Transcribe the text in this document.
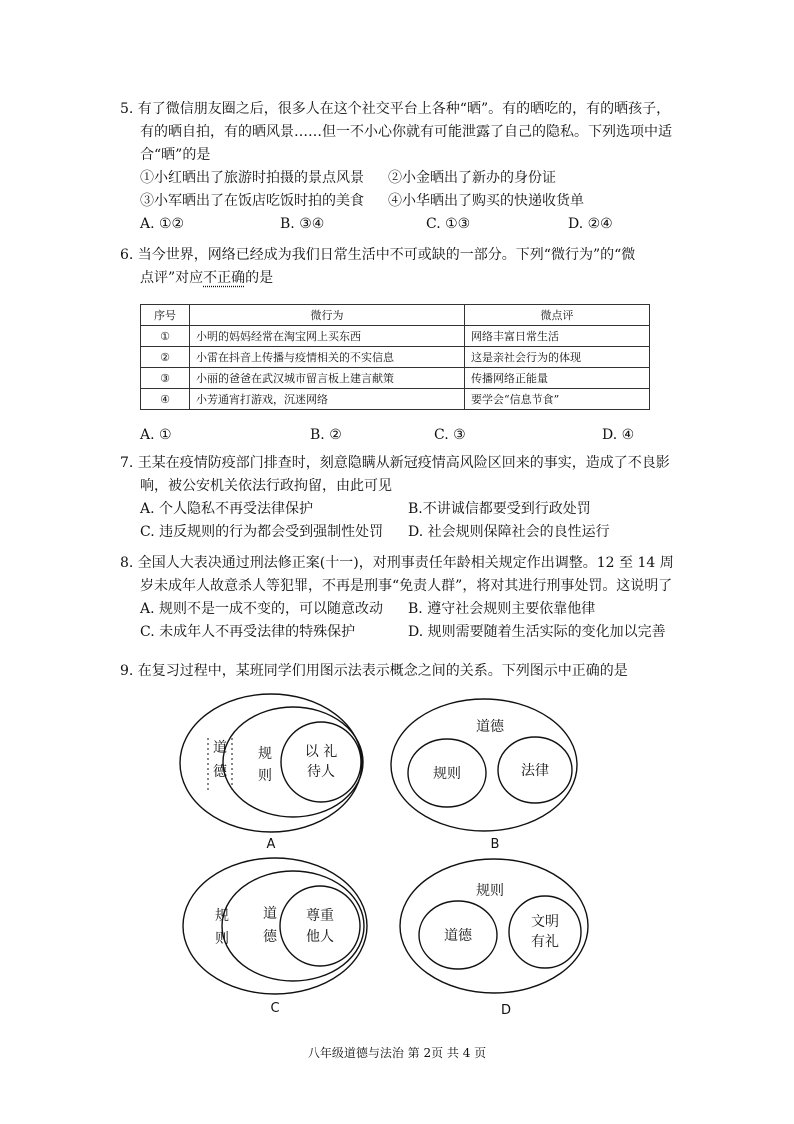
5. 有了微信朋友圈之后，很多人在这个社交平台上各种“晒”。有的晒吃的，有的晒孩子，
有的晒自拍，有的晒风景……但一不小心你就有可能泄露了自己的隐私。下列选项中适
合“晒”的是
①小红晒出了旅游时拍摄的景点风景	②小金晒出了新办的身份证
③小军晒出了在饭店吃饭时拍的美食	④小华晒出了购买的快递收货单
A. ①②	B. ③④	C. ①③	D. ②④
6. 当今世界，网络已经成为我们日常生活中不可或缺的一部分。下列“微行为”的“微
点评”对应不正确的是
序号	微行为	微点评
①	小明的妈妈经常在淘宝网上买东西	网络丰富日常生活
②	小雷在抖音上传播与疫情相关的不实信息	这是亲社会行为的体现
③	小丽的爸爸在武汉城市留言板上建言献策	传播网络正能量
④	小芳通宵打游戏，沉迷网络	要学会“信息节食”
A. ①	B. ②	C. ③	D. ④
7. 王某在疫情防疫部门排查时，刻意隐瞒从新冠疫情高风险区回来的事实，造成了不良影
响，被公安机关依法行政拘留，由此可见
A. 个人隐私不再受法律保护	B.不讲诚信都要受到行政处罚
C. 违反规则的行为都会受到强制性处罚	D. 社会规则保障社会的良性运行
8. 全国人大表决通过刑法修正案(十一)，对刑事责任年龄相关规定作出调整。12 至 14 周
岁未成年人故意杀人等犯罪，不再是刑事“免责人群”，将对其进行刑事处罚。这说明了
A. 规则不是一成不变的，可以随意改动	B. 遵守社会规则主要依靠他律
C. 未成年人不再受法律的特殊保护	D. 规则需要随着生活实际的变化加以完善
9. 在复习过程中，某班同学们用图示法表示概念之间的关系。下列图示中正确的是
道
德
规
则
以 礼
待人
A
道德
规则	法律
B
规
则
道
德
尊重
他人
C
规则
道德
文明
有礼
D
八年级道德与法治 第 2页 共 4 页
